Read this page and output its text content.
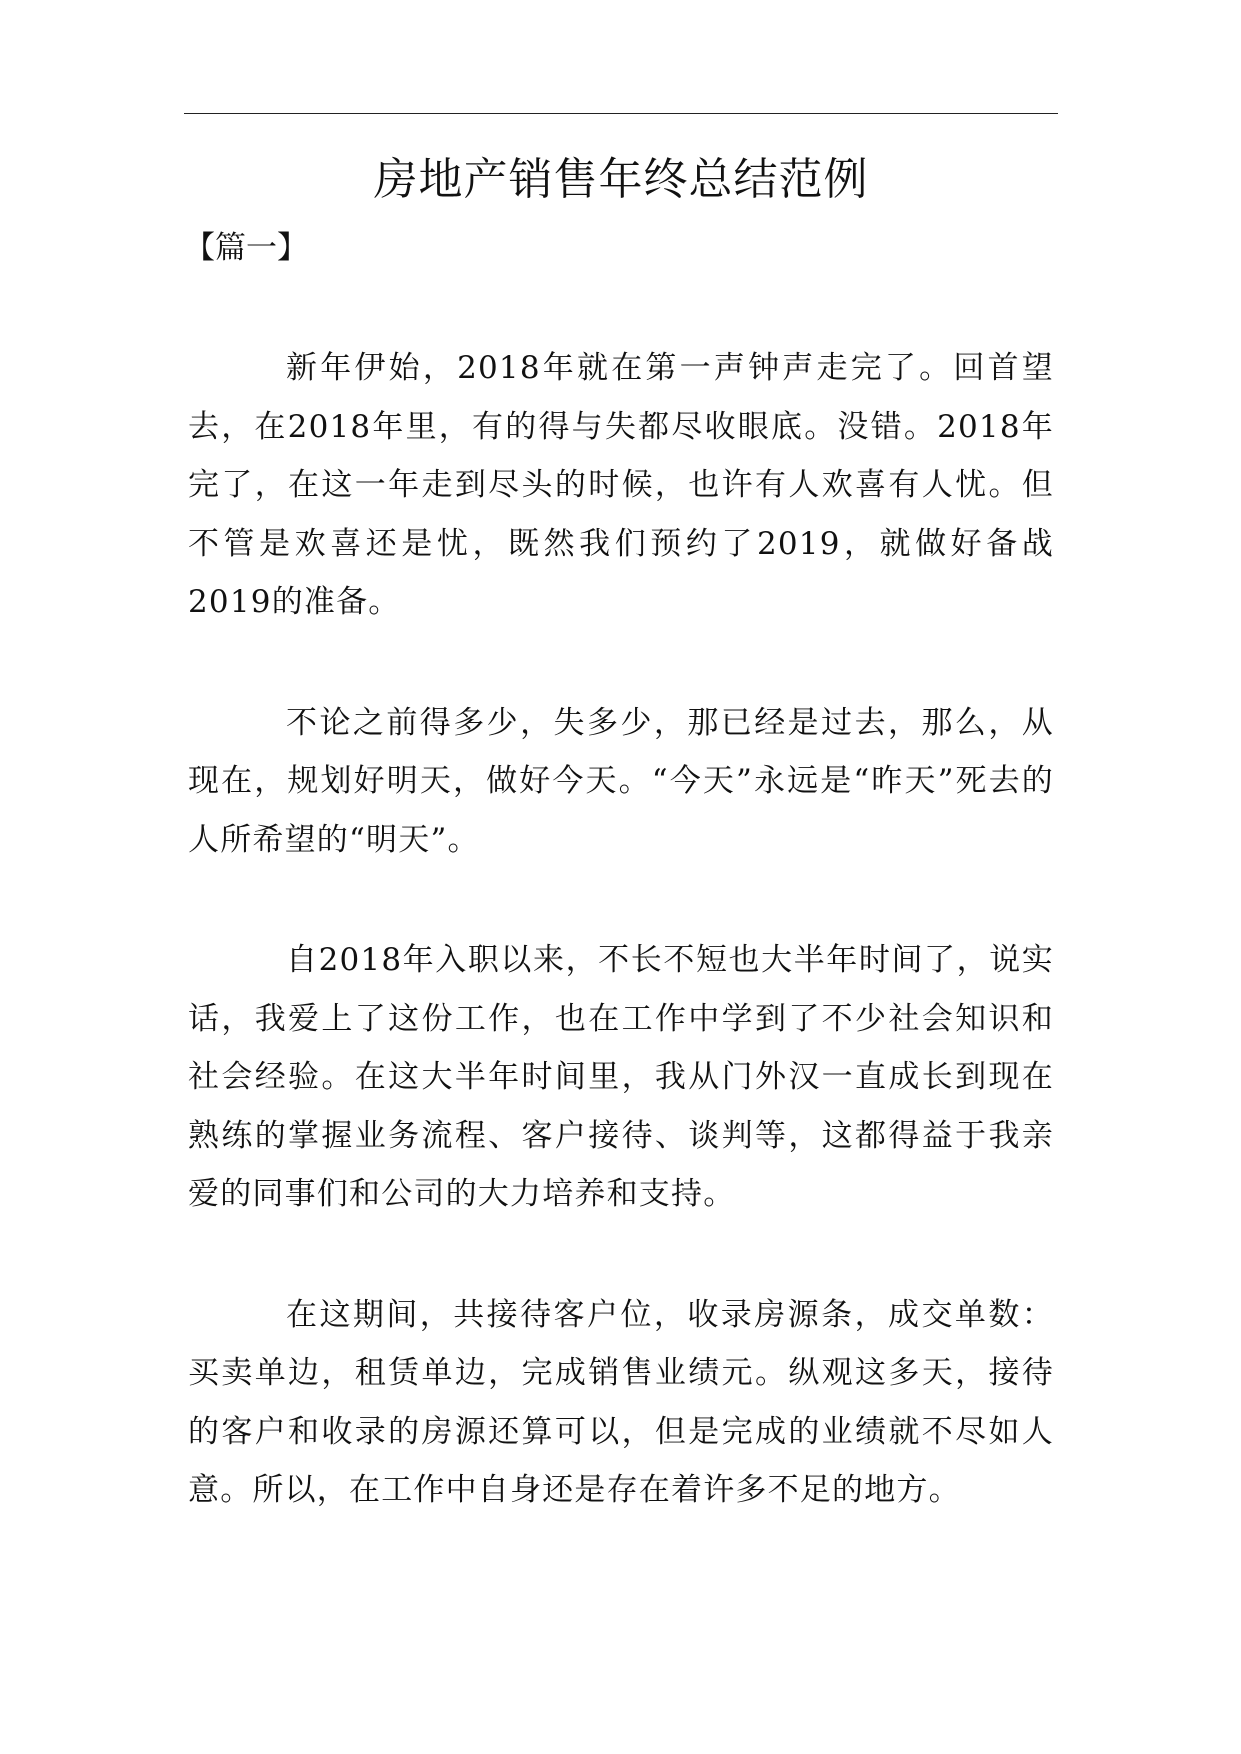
房地产销售年终总结范例

【篇一】

新年伊始，2018年就在第一声钟声走完了。回首望去，在2018年里，有的得与失都尽收眼底。没错。2018年完了，在这一年走到尽头的时候，也许有人欢喜有人忧。但不管是欢喜还是忧，既然我们预约了2019，就做好备战2019的准备。

不论之前得多少，失多少，那已经是过去，那么，从现在，规划好明天，做好今天。“今天”永远是“昨天”死去的人所希望的“明天”。

自2018年入职以来，不长不短也大半年时间了，说实话，我爱上了这份工作，也在工作中学到了不少社会知识和社会经验。在这大半年时间里，我从门外汉一直成长到现在熟练的掌握业务流程、客户接待、谈判等，这都得益于我亲爱的同事们和公司的大力培养和支持。

在这期间，共接待客户位，收录房源条，成交单数：买卖单边，租赁单边，完成销售业绩元。纵观这多天，接待的客户和收录的房源还算可以，但是完成的业绩就不尽如人意。所以，在工作中自身还是存在着许多不足的地方。
